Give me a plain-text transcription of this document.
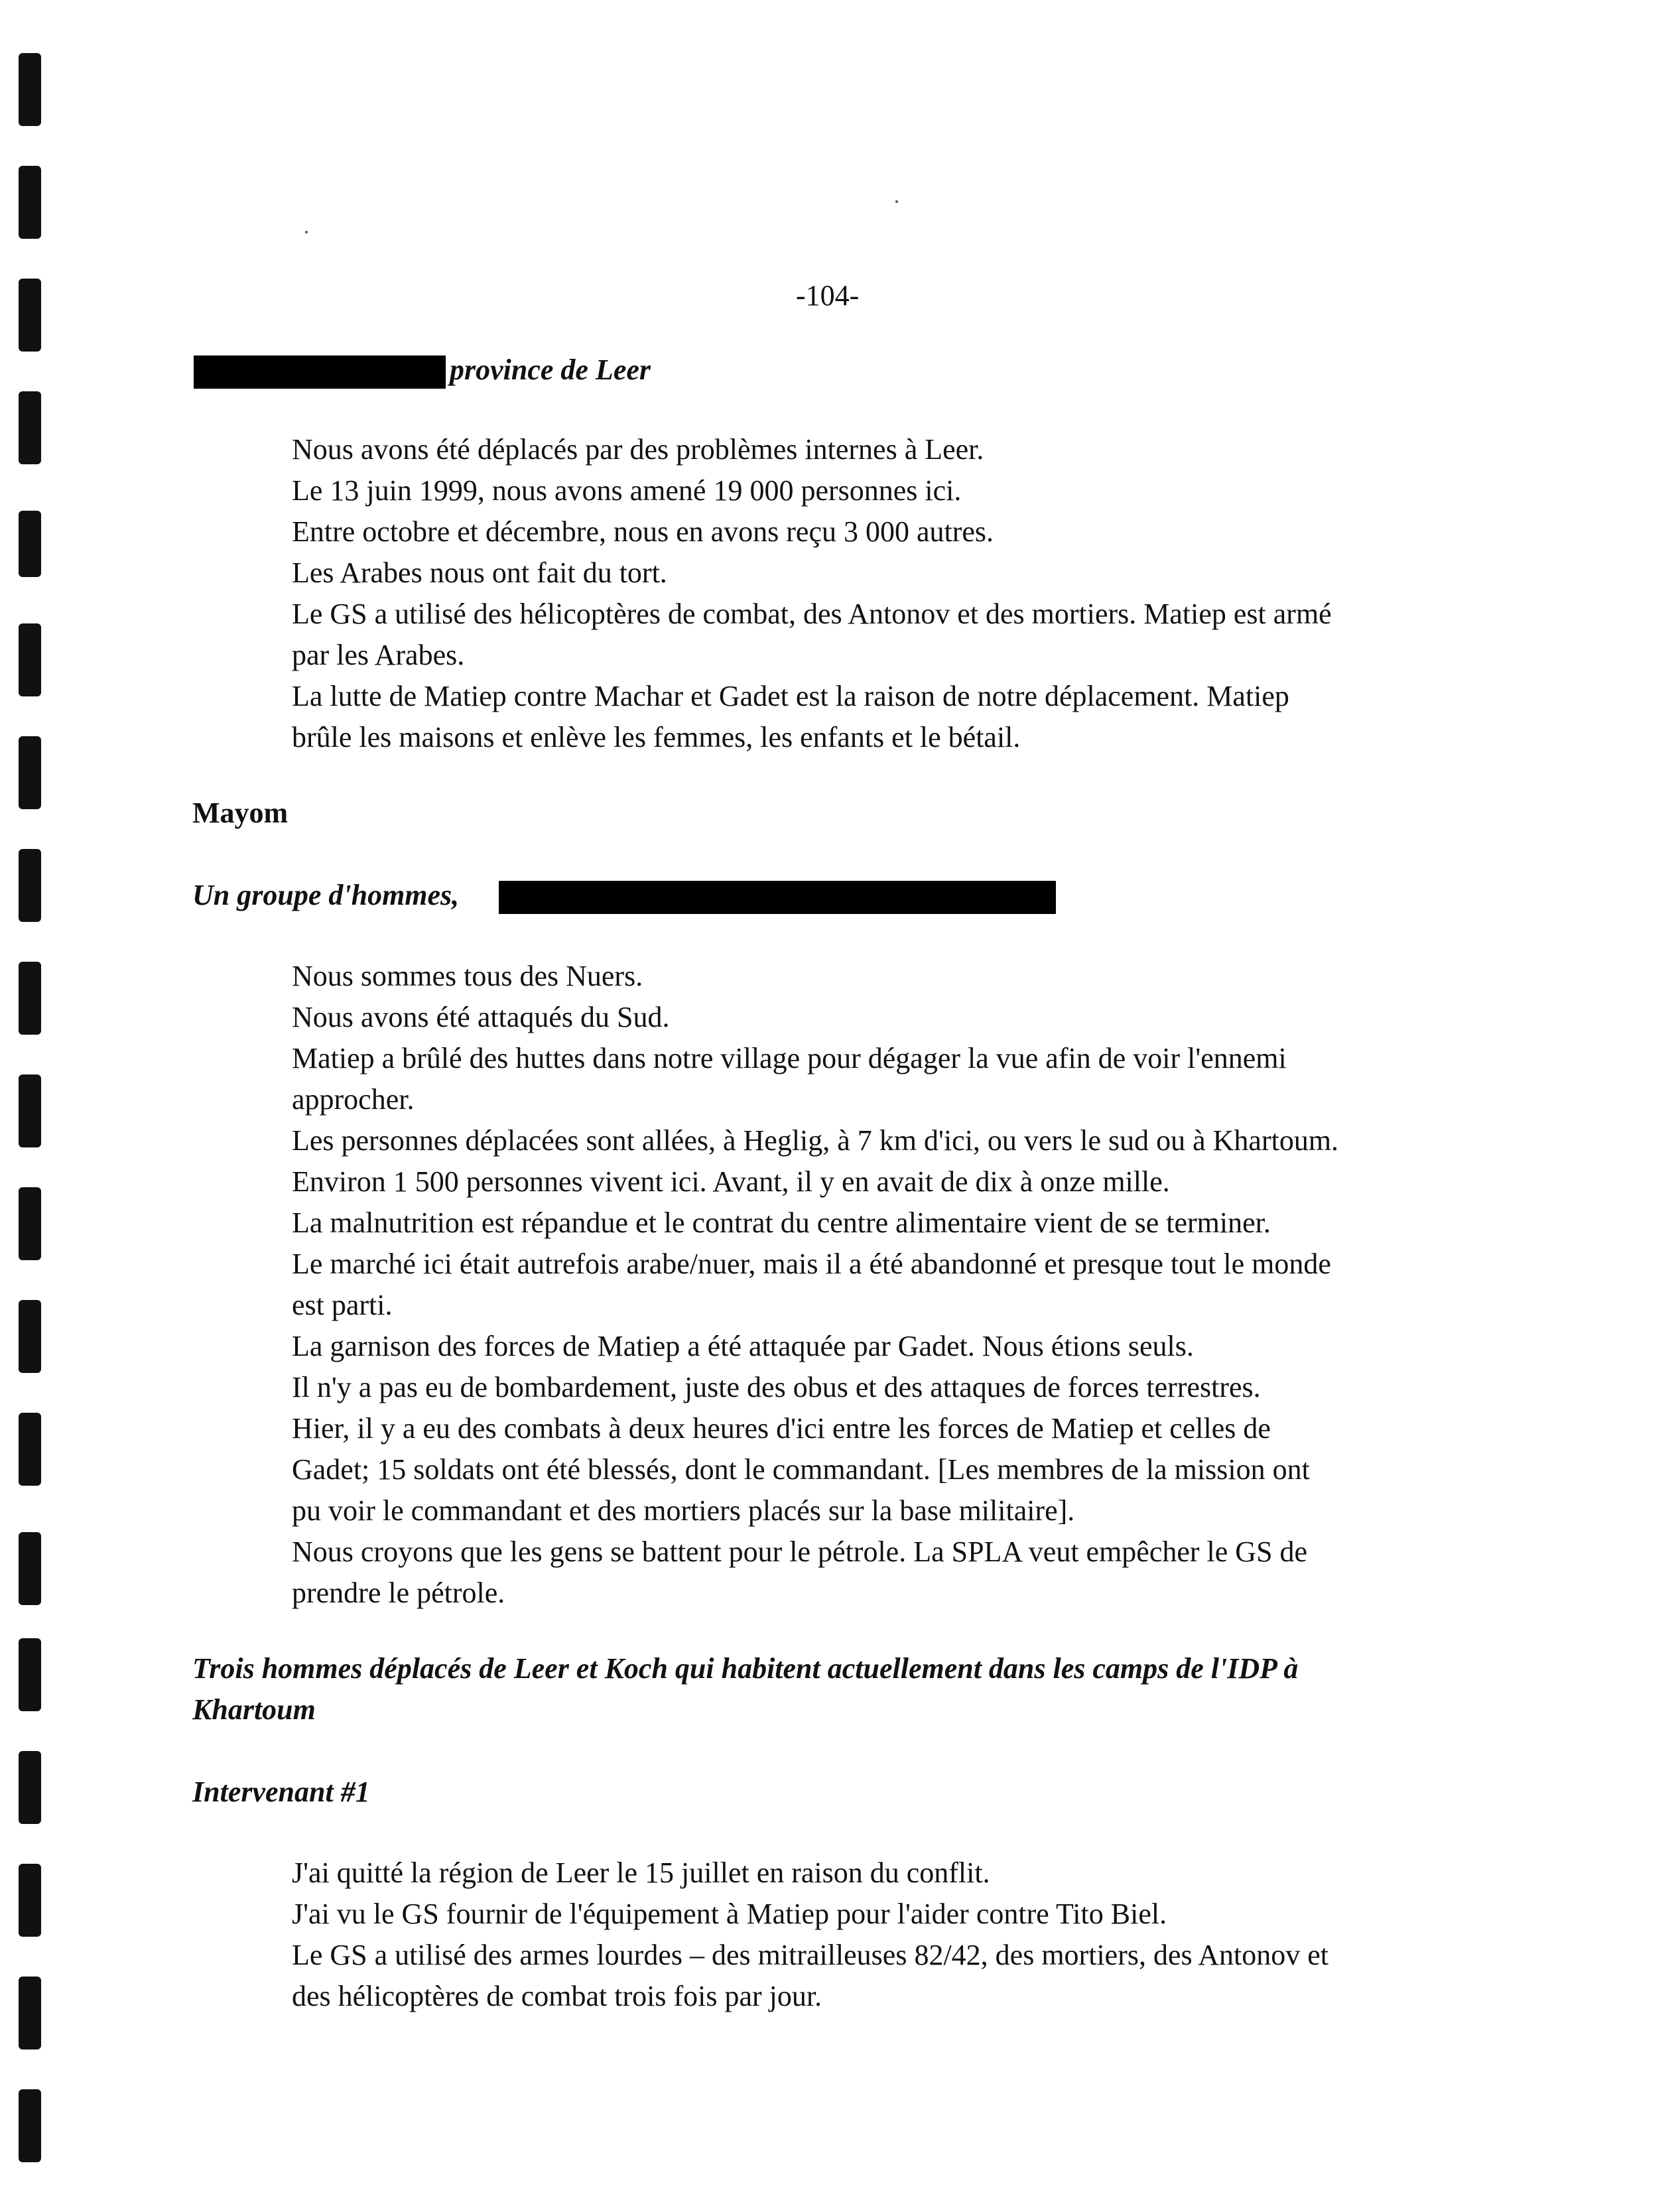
-104-
province de Leer
Nous avons été déplacés par des problèmes internes à Leer.
Le 13 juin 1999, nous avons amené 19 000 personnes ici.
Entre octobre et décembre, nous en avons reçu 3 000 autres.
Les Arabes nous ont fait du tort.
Le GS a utilisé des hélicoptères de combat, des Antonov et des mortiers. Matiep est armé
par les Arabes.
La lutte de Matiep contre Machar et Gadet est la raison de notre déplacement. Matiep
brûle les maisons et enlève les femmes, les enfants et le bétail.
Mayom
Un groupe d'hommes,
Nous sommes tous des Nuers.
Nous avons été attaqués du Sud.
Matiep a brûlé des huttes dans notre village pour dégager la vue afin de voir l'ennemi
approcher.
Les personnes déplacées sont allées, à Heglig, à 7 km d'ici, ou vers le sud ou à Khartoum.
Environ 1 500 personnes vivent ici. Avant, il y en avait de dix à onze mille.
La malnutrition est répandue et le contrat du centre alimentaire vient de se terminer.
Le marché ici était autrefois arabe/nuer, mais il a été abandonné et presque tout le monde
est parti.
La garnison des forces de Matiep a été attaquée par Gadet. Nous étions seuls.
Il n'y a pas eu de bombardement, juste des obus et des attaques de forces terrestres.
Hier, il y a eu des combats à deux heures d'ici entre les forces de Matiep et celles de
Gadet; 15 soldats ont été blessés, dont le commandant. [Les membres de la mission ont
pu voir le commandant et des mortiers placés sur la base militaire].
Nous croyons que les gens se battent pour le pétrole. La SPLA veut empêcher le GS de
prendre le pétrole.
Trois hommes déplacés de Leer et Koch qui habitent actuellement dans les camps de l'IDP à
Khartoum
Intervenant #1
J'ai quitté la région de Leer le 15 juillet en raison du conflit.
J'ai vu le GS fournir de l'équipement à Matiep pour l'aider contre Tito Biel.
Le GS a utilisé des armes lourdes – des mitrailleuses 82/42, des mortiers, des Antonov et
des hélicoptères de combat trois fois par jour.
